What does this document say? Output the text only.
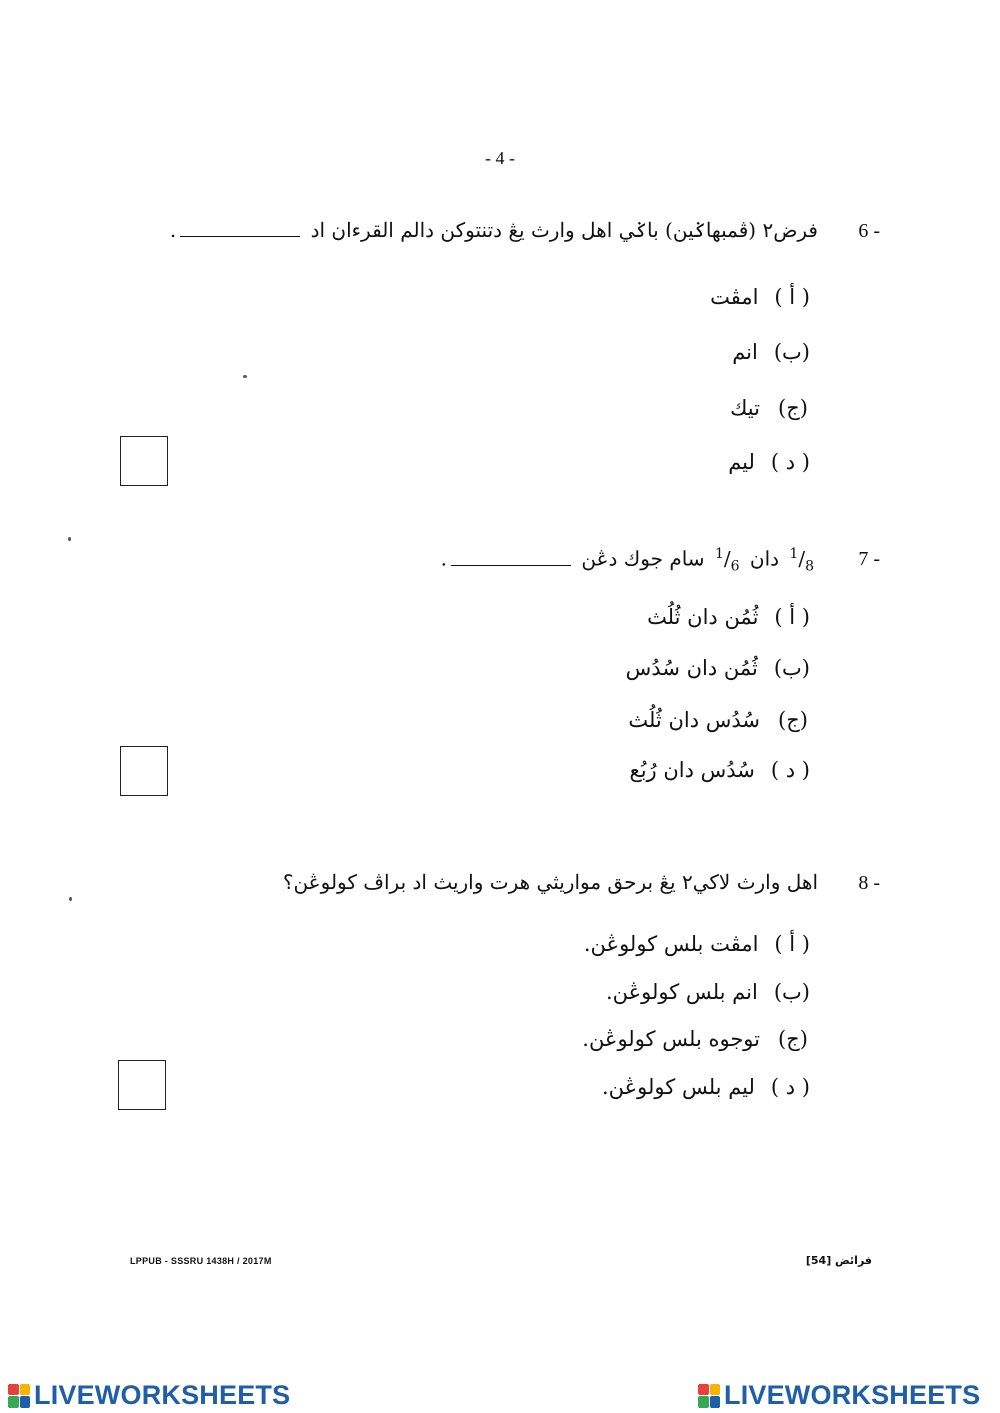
- 4 -
6 -
فرض٢ (ڤمبهاݢين) باݢي اهل وارث يڠ دتنتوکن دالم القرءان اد .
( أ )
امڤت
(ب)
انم
(ج)
تيك
( د )
ليم
7 -
$^1/_8$ دان $^1/_6$ سام جوك دڠن .
( أ )
ثُمُن دان ثُلُث
(ب)
ثُمُن دان سُدُس
(ج)
سُدُس دان ثُلُث
( د )
سُدُس دان رُبُع
8 -
اهل وارث لاکي٢ يڠ برحق مواريثي هرت واريث اد براڤ کولوڠن؟
( أ )
امڤت بلس کولوڠن.
(ب)
انم بلس کولوڠن.
(ج)
توجوه بلس کولوڠن.
( د )
ليم بلس کولوڠن.
LPPUB - SSSRU 1438H / 2017M	فرائض [54]
LIVEWORKSHEETS	LIVEWORKSHEETS
